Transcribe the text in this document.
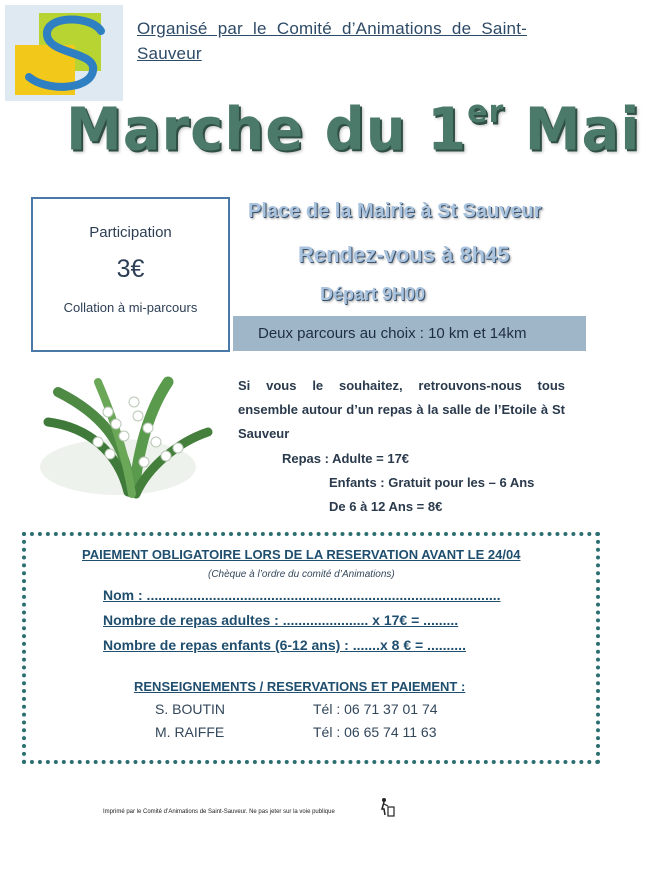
Organisé par le Comité d’Animations de Saint- Sauveur
Marche du 1er Mai
Participation
3€
Collation à mi-parcours
Place de la Mairie à St Sauveur
Rendez-vous à 8h45
Départ 9H00
Deux parcours au choix : 10 km et 14km
Si vous le souhaitez, retrouvons-nous tous ensemble autour d’un repas à la salle de l’Etoile à St Sauveur
Repas : Adulte = 17€
Enfants : Gratuit pour les – 6 Ans
De 6 à 12 Ans = 8€
PAIEMENT OBLIGATOIRE LORS DE LA RESERVATION AVANT LE 24/04
(Chèque à l’ordre du comité d’Animations)
Nom : ...........................................................................................
Nombre de repas adultes : ...................... x 17€ = .........
Nombre de repas enfants (6-12 ans) : .......x 8 € = ..........
RENSEIGNEMENTS / RESERVATIONS ET PAIEMENT :
S. BOUTIN	Tél : 06 71 37 01 74
M. RAIFFE	Tél : 06 65 74 11 63
Imprimé par le Comité d’Animations de Saint-Sauveur. Ne pas jeter sur la voie publique
